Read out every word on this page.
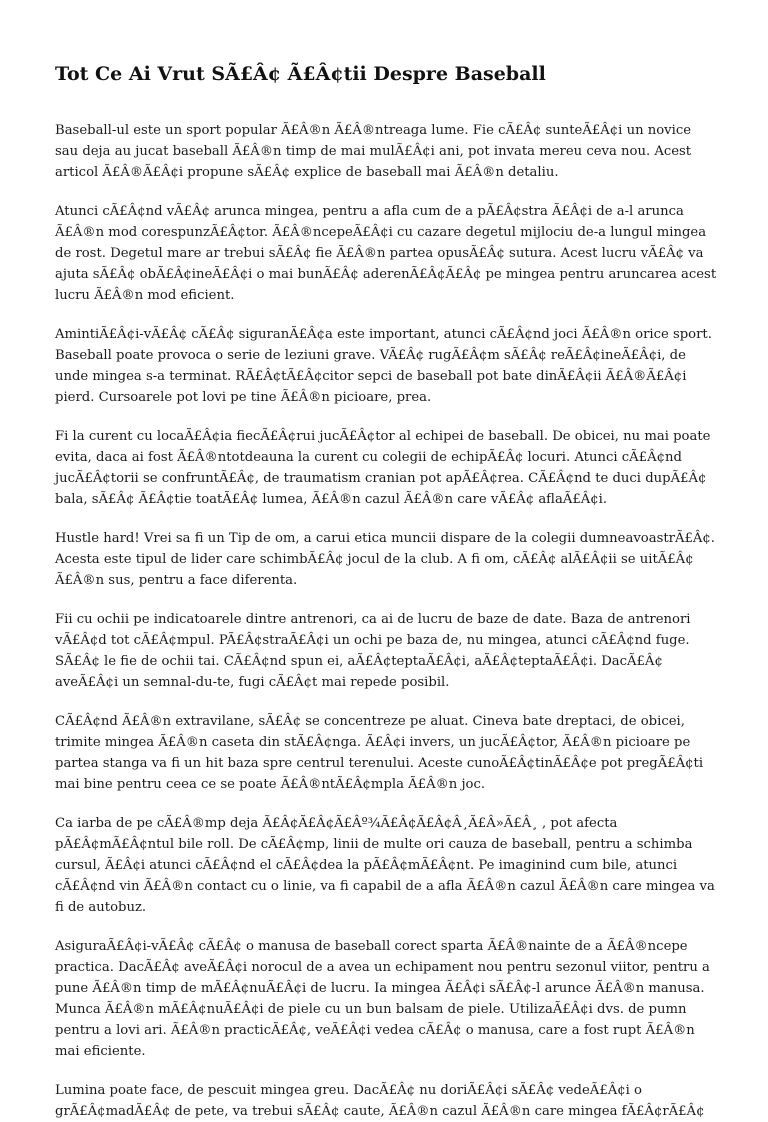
Tot Ce Ai Vrut SÃ£Â¢ Ã£Â¢tii Despre Baseball

Baseball-ul este un sport popular Ã£Â®n Ã£Â®ntreaga lume. Fie cÃ£Â¢ sunteÃ£Â¢i un novice sau deja au jucat baseball Ã£Â®n timp de mai mulÃ£Â¢i ani, pot invata mereu ceva nou. Acest articol Ã£Â®Ã£Â¢i propune sÃ£Â¢ explice de baseball mai Ã£Â®n detaliu.

Atunci cÃ£Â¢nd vÃ£Â¢ arunca mingea, pentru a afla cum de a pÃ£Â¢stra Ã£Â¢i de a-l arunca Ã£Â®n mod corespunzÃ£Â¢tor. Ã£Â®ncepeÃ£Â¢i cu cazare degetul mijlociu de-a lungul mingea de rost. Degetul mare ar trebui sÃ£Â¢ fie Ã£Â®n partea opusÃ£Â¢ sutura. Acest lucru vÃ£Â¢ va ajuta sÃ£Â¢ obÃ£Â¢ineÃ£Â¢i o mai bunÃ£Â¢ aderenÃ£Â¢Ã£Â¢ pe mingea pentru aruncarea acest lucru Ã£Â®n mod eficient.

AmintiÃ£Â¢i-vÃ£Â¢ cÃ£Â¢ siguranÃ£Â¢a este important, atunci cÃ£Â¢nd joci Ã£Â®n orice sport. Baseball poate provoca o serie de leziuni grave. VÃ£Â¢ rugÃ£Â¢m sÃ£Â¢ reÃ£Â¢ineÃ£Â¢i, de unde mingea s-a terminat. RÃ£Â¢tÃ£Â¢citor sepci de baseball pot bate dinÃ£Â¢ii Ã£Â®Ã£Â¢i pierd. Cursoarele pot lovi pe tine Ã£Â®n picioare, prea.

Fi la curent cu locaÃ£Â¢ia fiecÃ£Â¢rui jucÃ£Â¢tor al echipei de baseball. De obicei, nu mai poate evita, daca ai fost Ã£Â®ntotdeauna la curent cu colegii de echipÃ£Â¢ locuri. Atunci cÃ£Â¢nd jucÃ£Â¢torii se confruntÃ£Â¢, de traumatism cranian pot apÃ£Â¢rea. CÃ£Â¢nd te duci dupÃ£Â¢ bala, sÃ£Â¢ Ã£Â¢tie toatÃ£Â¢ lumea, Ã£Â®n cazul Ã£Â®n care vÃ£Â¢ aflaÃ£Â¢i.

Hustle hard! Vrei sa fi un Tip de om, a carui etica muncii dispare de la colegii dumneavoastrÃ£Â¢. Acesta este tipul de lider care schimbÃ£Â¢ jocul de la club. A fi om, cÃ£Â¢ alÃ£Â¢ii se uitÃ£Â¢ Ã£Â®n sus, pentru a face diferenta.

Fii cu ochii pe indicatoarele dintre antrenori, ca ai de lucru de baze de date. Baza de antrenori vÃ£Â¢d tot cÃ£Â¢mpul. PÃ£Â¢straÃ£Â¢i un ochi pe baza de, nu mingea, atunci cÃ£Â¢nd fuge. SÃ£Â¢ le fie de ochii tai. CÃ£Â¢nd spun ei, aÃ£Â¢teptaÃ£Â¢i, aÃ£Â¢teptaÃ£Â¢i. DacÃ£Â¢ aveÃ£Â¢i un semnal-du-te, fugi cÃ£Â¢t mai repede posibil.

CÃ£Â¢nd Ã£Â®n extravilane, sÃ£Â¢ se concentreze pe aluat. Cineva bate dreptaci, de obicei, trimite mingea Ã£Â®n caseta din stÃ£Â¢nga. Ã£Â¢i invers, un jucÃ£Â¢tor, Ã£Â®n picioare pe partea stanga va fi un hit baza spre centrul terenului. Aceste cunoÃ£Â¢tinÃ£Â¢e pot pregÃ£Â¢ti mai bine pentru ceea ce se poate Ã£Â®ntÃ£Â¢mpla Ã£Â®n joc.

Ca iarba de pe cÃ£Â®mp deja Ã£Â¢Ã£Â¢Ã£Âº¾Ã£Â¢Ã£Â¢Â¸Ã£Â»Ã£Â¸ , pot afecta pÃ£Â¢mÃ£Â¢ntul bile roll. De cÃ£Â¢mp, linii de multe ori cauza de baseball, pentru a schimba cursul, Ã£Â¢i atunci cÃ£Â¢nd el cÃ£Â¢dea la pÃ£Â¢mÃ£Â¢nt. Pe imaginind cum bile, atunci cÃ£Â¢nd vin Ã£Â®n contact cu o linie, va fi capabil de a afla Ã£Â®n cazul Ã£Â®n care mingea va fi de autobuz.

AsiguraÃ£Â¢i-vÃ£Â¢ cÃ£Â¢ o manusa de baseball corect sparta Ã£Â®nainte de a Ã£Â®ncepe practica. DacÃ£Â¢ aveÃ£Â¢i norocul de a avea un echipament nou pentru sezonul viitor, pentru a pune Ã£Â®n timp de mÃ£Â¢nuÃ£Â¢i de lucru. Ia mingea Ã£Â¢i sÃ£Â¢-l arunce Ã£Â®n manusa. Munca Ã£Â®n mÃ£Â¢nuÃ£Â¢i de piele cu un bun balsam de piele. UtilizaÃ£Â¢i dvs. de pumn pentru a lovi ari. Ã£Â®n practicÃ£Â¢, veÃ£Â¢i vedea cÃ£Â¢ o manusa, care a fost rupt Ã£Â®n mai eficiente.

Lumina poate face, de pescuit mingea greu. DacÃ£Â¢ nu doriÃ£Â¢i sÃ£Â¢ vedeÃ£Â¢i o grÃ£Â¢madÃ£Â¢ de pete, va trebui sÃ£Â¢ caute, Ã£Â®n cazul Ã£Â®n care mingea fÃ£Â¢rÃ£Â¢
